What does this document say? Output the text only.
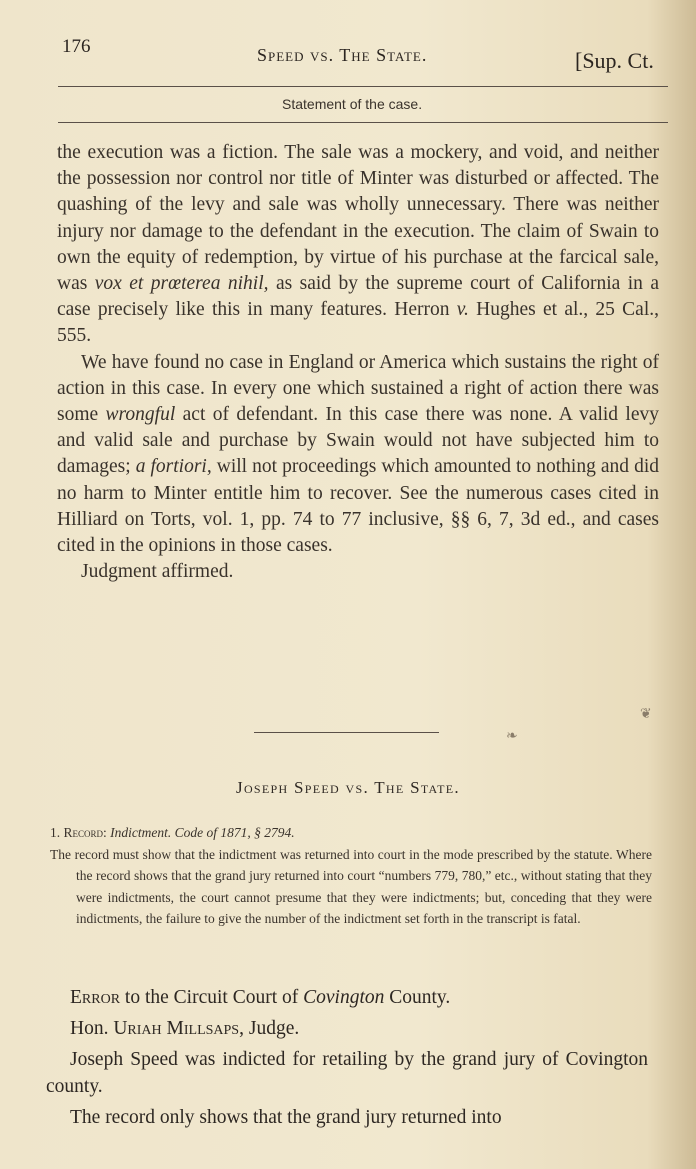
176	Speed vs. The State.	[Sup. Ct.
Statement of the case.

the execution was a fiction. The sale was a mockery, and void, and neither the possession nor control nor title of Minter was disturbed or affected. The quashing of the levy and sale was wholly unnecessary. There was neither injury nor damage to the defendant in the execution. The claim of Swain to own the equity of redemption, by virtue of his purchase at the farcical sale, was vox et prœterea nihil, as said by the supreme court of California in a case precisely like this in many features. Herron v. Hughes et al., 25 Cal., 555.

We have found no case in England or America which sustains the right of action in this case. In every one which sustained a right of action there was some wrongful act of defendant. In this case there was none. A valid levy and valid sale and purchase by Swain would not have subjected him to damages; a fortiori, will not proceedings which amounted to nothing and did no harm to Minter entitle him to recover. See the numerous cases cited in Hilliard on Torts, vol. 1, pp. 74 to 77 inclusive, §§ 6, 7, 3d ed., and cases cited in the opinions in those cases.

Judgment affirmed.

❧
❦
Joseph Speed vs. The State.

1. Record: Indictment. Code of 1871, § 2794.

The record must show that the indictment was returned into court in the mode prescribed by the statute. Where the record shows that the grand jury returned into court “numbers 779, 780,” etc., without stating that they were indictments, the court cannot presume that they were indictments; but, conceding that they were indictments, the failure to give the number of the indictment set forth in the transcript is fatal.

Error to the Circuit Court of Covington County.

Hon. Uriah Millsaps, Judge.

Joseph Speed was indicted for retailing by the grand jury of Covington county.

The record only shows that the grand jury returned into
